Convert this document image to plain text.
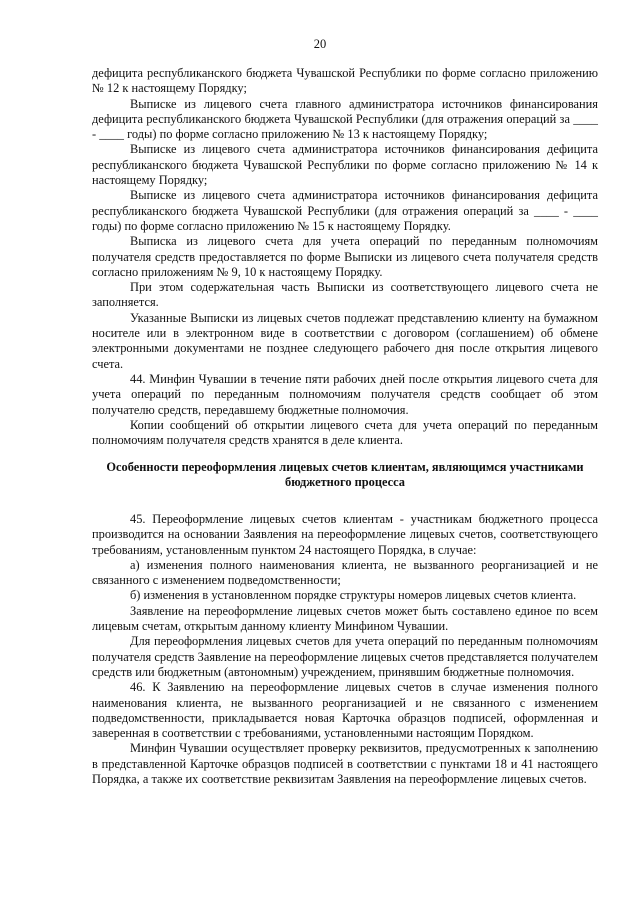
20

дефицита республиканского бюджета Чувашской Республики по форме согласно приложению № 12 к настоящему Порядку;

Выписке из лицевого счета главного администратора источников финансирования дефицита республиканского бюджета Чувашской Республики (для отражения операций за ____ - ____ годы) по форме согласно приложению № 13 к настоящему Порядку;

Выписке из лицевого счета администратора источников финансирования дефицита республиканского бюджета Чувашской Республики по форме согласно приложению № 14 к настоящему Порядку;

Выписке из лицевого счета администратора источников финансирования дефицита республиканского бюджета Чувашской Республики (для отражения операций за ____ - ____ годы) по форме согласно приложению № 15 к настоящему Порядку.

Выписка из лицевого счета для учета операций по переданным полномочиям получателя средств предоставляется по форме Выписки из лицевого счета получателя средств согласно приложениям № 9, 10 к настоящему Порядку.

При этом содержательная часть Выписки из соответствующего лицевого счета не заполняется.

Указанные Выписки из лицевых счетов подлежат представлению клиенту на бумажном носителе или в электронном виде в соответствии с договором (соглашением) об обмене электронными документами не позднее следующего рабочего дня после открытия лицевого счета.

44. Минфин Чувашии в течение пяти рабочих дней после открытия лицевого счета для учета операций по переданным полномочиям получателя средств сообщает об этом получателю средств, передавшему бюджетные полномочия.

Копии сообщений об открытии лицевого счета для учета операций по переданным полномочиям получателя средств хранятся в деле клиента.

Особенности переоформления лицевых счетов клиентам, являющимся участниками бюджетного процесса

45. Переоформление лицевых счетов клиентам - участникам бюджетного процесса производится на основании Заявления на переоформление лицевых счетов, соответствующего требованиям, установленным пунктом 24 настоящего Порядка, в случае:

а) изменения полного наименования клиента, не вызванного реорганизацией и не связанного с изменением подведомственности;

б) изменения в установленном порядке структуры номеров лицевых счетов клиента.

Заявление на переоформление лицевых счетов может быть составлено единое по всем лицевым счетам, открытым данному клиенту Минфином Чувашии.

Для переоформления лицевых счетов для учета операций по переданным полномочиям получателя средств Заявление на переоформление лицевых счетов представляется получателем средств или бюджетным (автономным) учреждением, принявшим бюджетные полномочия.

46. К Заявлению на переоформление лицевых счетов в случае изменения полного наименования клиента, не вызванного реорганизацией и не связанного с изменением подведомственности, прикладывается новая Карточка образцов подписей, оформленная и заверенная в соответствии с требованиями, установленными настоящим Порядком.

Минфин Чувашии осуществляет проверку реквизитов, предусмотренных к заполнению в представленной Карточке образцов подписей в соответствии с пунктами 18 и 41 настоящего Порядка, а также их соответствие реквизитам Заявления на переоформление лицевых счетов.
